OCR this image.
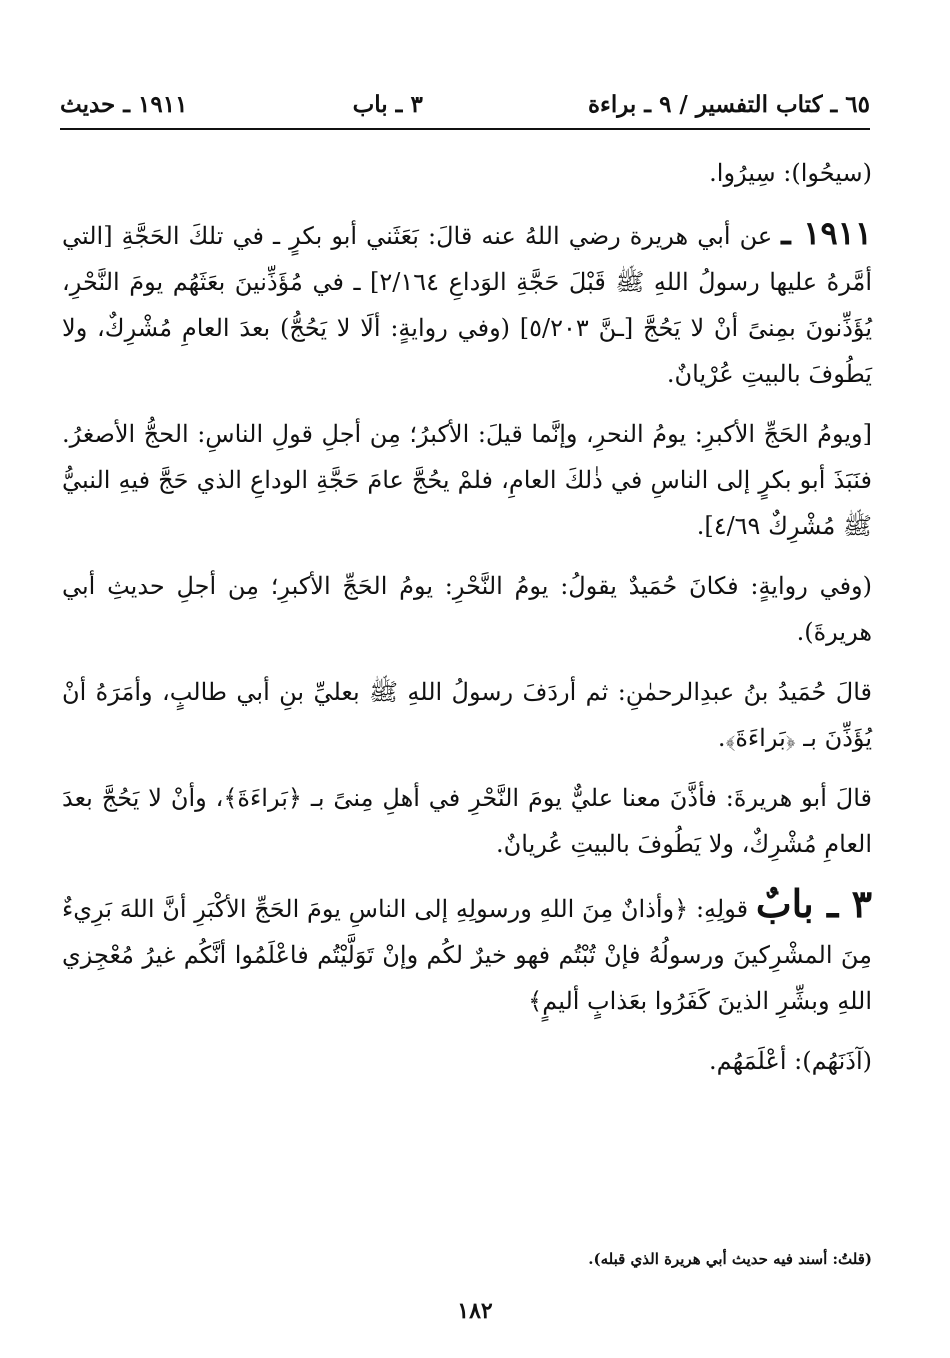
٦٥ ـ كتاب التفسير / ٩ ـ براءة
٣ ـ باب
١٩١١ ـ حديث

(سيحُوا): سِيرُوا.

١٩١١ ـ عن أبي هريرة رضي اللهُ عنه قالَ: بَعَثَني أبو بكرٍ ـ في تلكَ الحَجَّةِ [التي أمَّرهُ عليها رسولُ اللهِ ﷺ قَبْلَ حَجَّةِ الوَداعِ ٢/١٦٤] ـ في مُؤَذِّنينَ بعَثَهُم يومَ النَّحْرِ، يُؤَذِّنونَ بمِنىً أنْ لا يَحُجَّ [ـنَّ ٥/٢٠٣] (وفي روايةٍ: ألَا لا يَحُجُّ) بعدَ العامِ مُشْرِكٌ، ولا يَطُوفَ بالبيتِ عُرْيانٌ.

[ويومُ الحَجِّ الأكبرِ: يومُ النحرِ، وإنَّما قيلَ: الأكبرُ؛ مِن أجلِ قولِ الناسِ: الحجُّ الأصغرُ. فنَبَذَ أبو بكرٍ إلى الناسِ في ذٰلكَ العامِ، فلمْ يحُجَّ عامَ حَجَّةِ الوداعِ الذي حَجَّ فيهِ النبيُّ ﷺ مُشْرِكٌ ٤/٦٩].

(وفي روايةٍ: فكانَ حُمَيدٌ يقولُ: يومُ النَّحْرِ: يومُ الحَجِّ الأكبرِ؛ مِن أجلِ حديثِ أبي هريرةَ).

قالَ حُمَيدُ بنُ عبدِالرحمٰنِ: ثم أردَفَ رسولُ اللهِ ﷺ بعليِّ بنِ أبي طالبٍ، وأمَرَهُ أنْ يُؤَذِّنَ بـ ﴿بَراءَةَ﴾.

قالَ أبو هريرةَ: فأذَّنَ معنا عليٌّ يومَ النَّحْرِ في أهلِ مِنىً بـ ﴿بَراءَةَ﴾، وأنْ لا يَحُجَّ بعدَ العامِ مُشْرِكٌ، ولا يَطُوفَ بالبيتِ عُريانٌ.

٣ ـ بابٌ قولِهِ: ﴿وأذانٌ مِنَ اللهِ ورسولِهِ إلى الناسِ يومَ الحَجِّ الأكْبَرِ أنَّ اللهَ بَرِيءٌ مِنَ المشْرِكينَ ورسولُهُ فإنْ تُبْتُم فهو خيرٌ لكُم وإنْ تَوَلَّيْتُم فاعْلَمُوا أنَّكُم غيرُ مُعْجِزي اللهِ وبشِّرِ الذينَ كَفَرُوا بعَذابٍ أليمٍ﴾

(آذَنَهُم): أعْلَمَهُم.

(قلتُ: أسند فيه حديث أبي هريرة الذي قبله).
١٨٢
